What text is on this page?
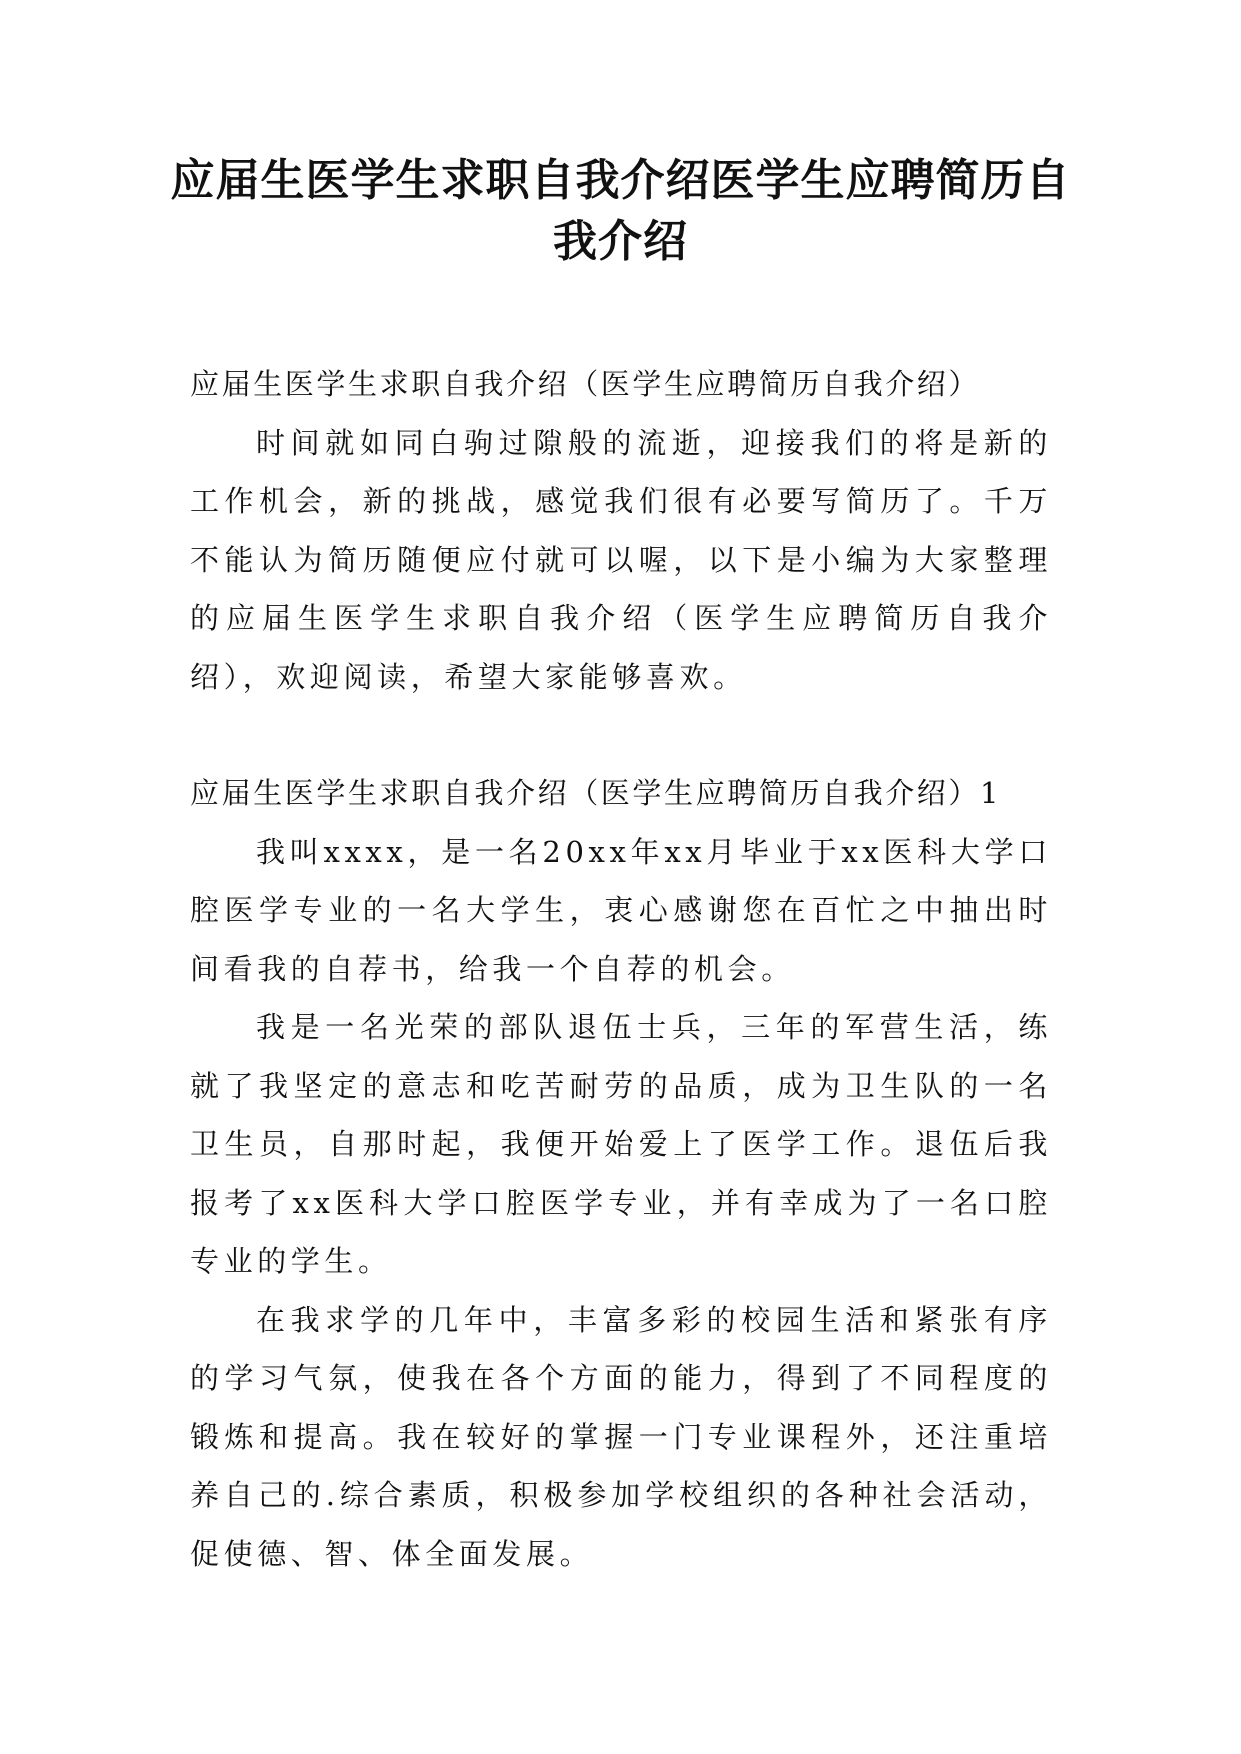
应届生医学生求职自我介绍医学生应聘简历自我介绍

应届生医学生求职自我介绍（医学生应聘简历自我介绍）

时间就如同白驹过隙般的流逝，迎接我们的将是新的工作机会，新的挑战，感觉我们很有必要写简历了。千万不能认为简历随便应付就可以喔，以下是小编为大家整理的应届生医学生求职自我介绍（医学生应聘简历自我介绍），欢迎阅读，希望大家能够喜欢。

应届生医学生求职自我介绍（医学生应聘简历自我介绍）1

我叫xxxx，是一名20xx年xx月毕业于xx医科大学口腔医学专业的一名大学生，衷心感谢您在百忙之中抽出时间看我的自荐书，给我一个自荐的机会。

我是一名光荣的部队退伍士兵，三年的军营生活，练就了我坚定的意志和吃苦耐劳的品质，成为卫生队的一名卫生员，自那时起，我便开始爱上了医学工作。退伍后我报考了xx医科大学口腔医学专业，并有幸成为了一名口腔专业的学生。

在我求学的几年中，丰富多彩的校园生活和紧张有序的学习气氛，使我在各个方面的能力，得到了不同程度的锻炼和提高。我在较好的掌握一门专业课程外，还注重培养自己的.综合素质，积极参加学校组织的各种社会活动，促使德、智、体全面发展。
